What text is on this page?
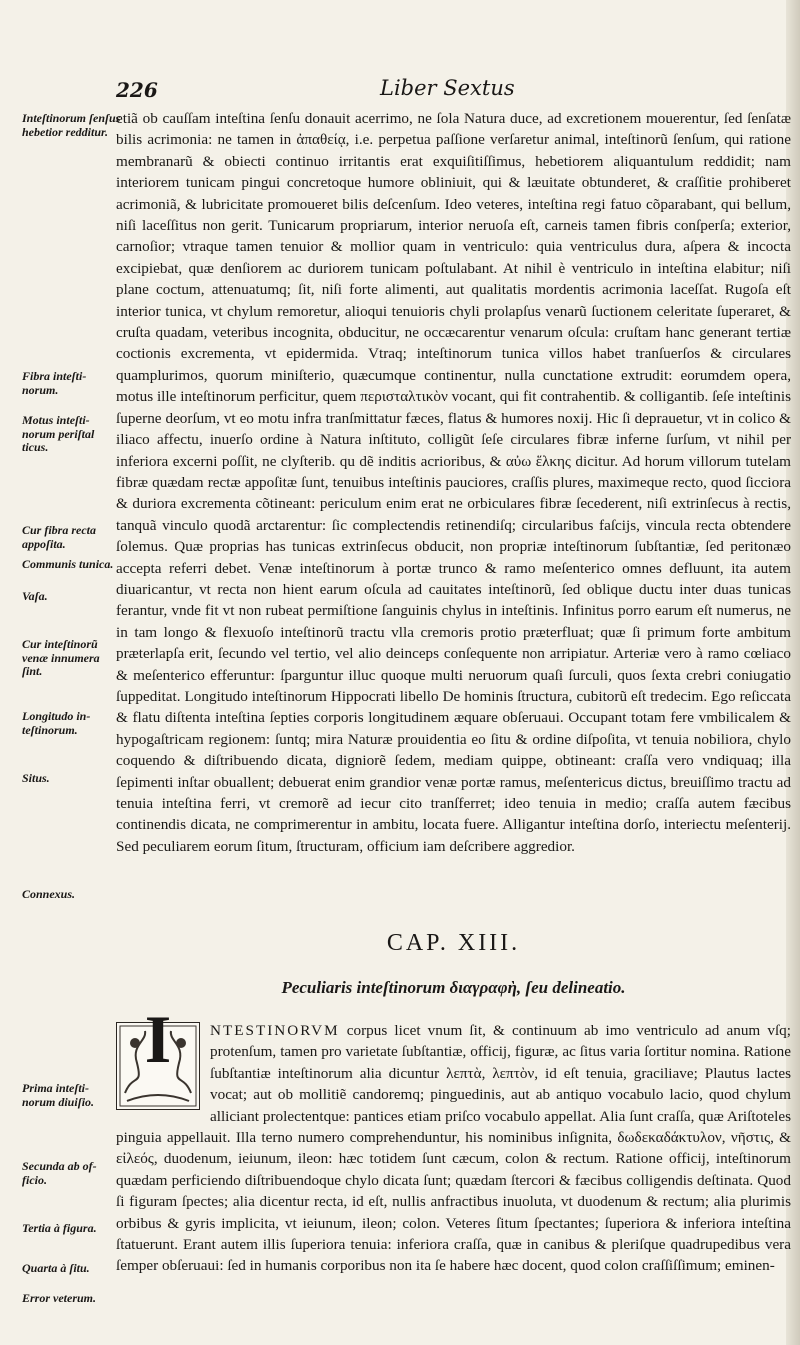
226	Liber Sextus
Inteſtinorum ſenſus hebetior redditur.
Fibra inteſti- norum.
Motus inteſti- norum periſtal ticus.
Cur fibra recta appoſita.
Communis tunica.
Vaſa.
Cur inteſtinorũ venæ innumera ſint.
Longitudo in- teſtinorum.
Situs.
Connexus.
Prima inteſti- norum diuiſio.
Secunda ab of- ficio.
Tertia à figura.
Quarta à ſitu.
Error veterum.
etiã ob cauſſam inteſtina ſenſu donauit acerrimo, ne ſola Natura duce, ad excretionem mouerentur, ſed ſenſatæ bilis acrimonia: ne tamen in ἀπαθείᾳ, i.e. perpetua paſſione verſaretur animal, inteſtinorũ ſenſum, qui ratione membranarũ & obiecti continuo irritantis erat exquiſitiſſimus, hebetiorem aliquantulum reddidit; nam interiorem tunicam pingui concretoque humore obliniuit, qui & læuitate obtunderet, & craſſitie prohiberet acrimoniã, & lubricitate promoueret bilis deſcenſum. Ideo veteres, inteſtina regi fatuo cõparabant, qui bellum, niſi laceſſitus non gerit. Tunicarum propriarum, interior neruoſa eſt, carneis tamen fibris conſperſa; exterior, carnoſior; vtraque tamen tenuior & mollior quam in ventriculo: quia ventriculus dura, aſpera & incocta excipiebat, quæ denſiorem ac duriorem tunicam poſtulabant. At nihil è ventriculo in inteſtina elabitur; niſi plane coctum, attenuatumq; ſit, niſi forte alimenti, aut qualitatis mordentis acrimonia laceſſat. Rugoſa eſt interior tunica, vt chylum remoretur, alioqui tenuioris chyli prolapſus venarũ ſuctionem celeritate ſuperaret, & cruſta quadam, veteribus incognita, obducitur, ne occæcarentur venarum oſcula: cruſtam hanc generant tertiæ coctionis excrementa, vt epidermida. Vtraq; inteſtinorum tunica villos habet tranſuerſos & circulares quamplurimos, quorum miniſterio, quæcumque continentur, nulla cunctatione extrudit: eorumdem opera, motus ille inteſtinorum perficitur, quem περισταλτικὸν vocant, qui fit contrahentib. & colligantib. ſeſe inteſtinis ſuperne deorſum, vt eo motu infra tranſmittatur fæces, flatus & humores noxij. Hic ſi deprauetur, vt in colico & iliaco affectu, inuerſo ordine à Natura inſtituto, colligũt ſeſe circulares fibræ inferne ſurſum, vt nihil per inferiora excerni poſſit, ne clyſterib. qu dẽ inditis acrioribus, & αὐω ἕλκης dicitur. Ad horum villorum tutelam fibræ quædam rectæ appoſitæ ſunt, tenuibus inteſtinis pauciores, craſſis plures, maximeque recto, quod ſicciora & duriora excrementa cõtineant: periculum enim erat ne orbiculares fibræ ſecederent, niſi extrinſecus à rectis, tanquã vinculo quodã arctarentur: ſic complectendis retinendiſq; circularibus faſcijs, vincula recta obtendere ſolemus. Quæ proprias has tunicas extrinſecus obducit, non propriæ inteſtinorum ſubſtantiæ, ſed peritonæo accepta referri debet. Venæ inteſtinorum à portæ trunco & ramo meſenterico omnes defluunt, ita autem diuaricantur, vt recta non hient earum oſcula ad cauitates inteſtinorũ, ſed oblique ductu inter duas tunicas ferantur, vnde fit vt non rubeat permiſtione ſanguinis chylus in inteſtinis. Infinitus porro earum eſt numerus, ne in tam longo & flexuoſo inteſtinorũ tractu vlla cremoris protio præterfluat; quæ ſi primum forte ambitum præterlapſa erit, ſecundo vel tertio, vel alio deinceps conſequente non arripiatur. Arteriæ vero à ramo cœliaco & meſenterico efferuntur: ſparguntur illuc quoque multi neruorum quaſi ſurculi, quos ſexta crebri coniugatio ſuppeditat. Longitudo inteſtinorum Hippocrati libello De hominis ſtructura, cubitorũ eſt tredecim. Ego reſiccata & flatu diſtenta inteſtina ſepties corporis longitudinem æquare obſeruaui. Occupant totam fere vmbilicalem & hypogaſtricam regionem: ſuntq; mira Naturæ prouidentia eo ſitu & ordine diſpoſita, vt tenuia nobiliora, chylo coquendo & diſtribuendo dicata, digniorẽ ſedem, mediam quippe, obtineant: craſſa vero vndiquaq; illa ſepimenti inſtar obuallent; debuerat enim grandior venæ portæ ramus, meſentericus dictus, breuiſſimo tractu ad tenuia inteſtina ferri, vt cremorẽ ad iecur cito tranſferret; ideo tenuia in medio; craſſa autem fæcibus continendis dicata, ne comprimerentur in ambitu, locata fuere. Alligantur inteſtina dorſo, interiectu meſenterij. Sed peculiarem eorum ſitum, ſtructuram, officium iam deſcribere aggredior.
CAP. XIII.
Peculiaris inteſtinorum διαγραφὴ, ſeu delineatio.
I	NTESTINORVM corpus licet vnum ſit, & continuum ab imo ventriculo ad anum vſq; protenſum, tamen pro varietate ſubſtantiæ, officij, figuræ, ac ſitus varia ſortitur nomina. Ratione ſubſtantiæ inteſtinorum alia dicuntur λεπτὰ, λεπτὸν, id eſt tenuia, graciliave; Plautus lactes vocat; aut ob mollitiẽ candoremq; pinguedinis, aut ab antiquo vocabulo lacio, quod chylum alliciant prolectentque: pantices etiam priſco vocabulo appellat. Alia ſunt craſſa, quæ Ariſtoteles pinguia appellauit. Illa terno numero comprehenduntur, his nominibus inſignita, δωδεκαδάκτυλον, νῆστις, & εἰλεός, duodenum, ieiunum, ileon: hæc totidem ſunt cæcum, colon & rectum. Ratione officij, inteſtinorum quædam perficiendo diſtribuendoque chylo dicata ſunt; quædam ſtercori & fæcibus colligendis deſtinata. Quod ſi figuram ſpectes; alia dicentur recta, id eſt, nullis anfractibus inuoluta, vt duodenum & rectum; alia plurimis orbibus & gyris implicita, vt ieiunum, ileon; colon. Veteres ſitum ſpectantes; ſuperiora & inferiora inteſtina ſtatuerunt. Erant autem illis ſuperiora tenuia: inferiora craſſa, quæ in canibus & pleriſque quadrupedibus vera ſemper obſeruaui: ſed in humanis corporibus non ita ſe habere hæc docent, quod colon craſſiſſimum; eminen-
